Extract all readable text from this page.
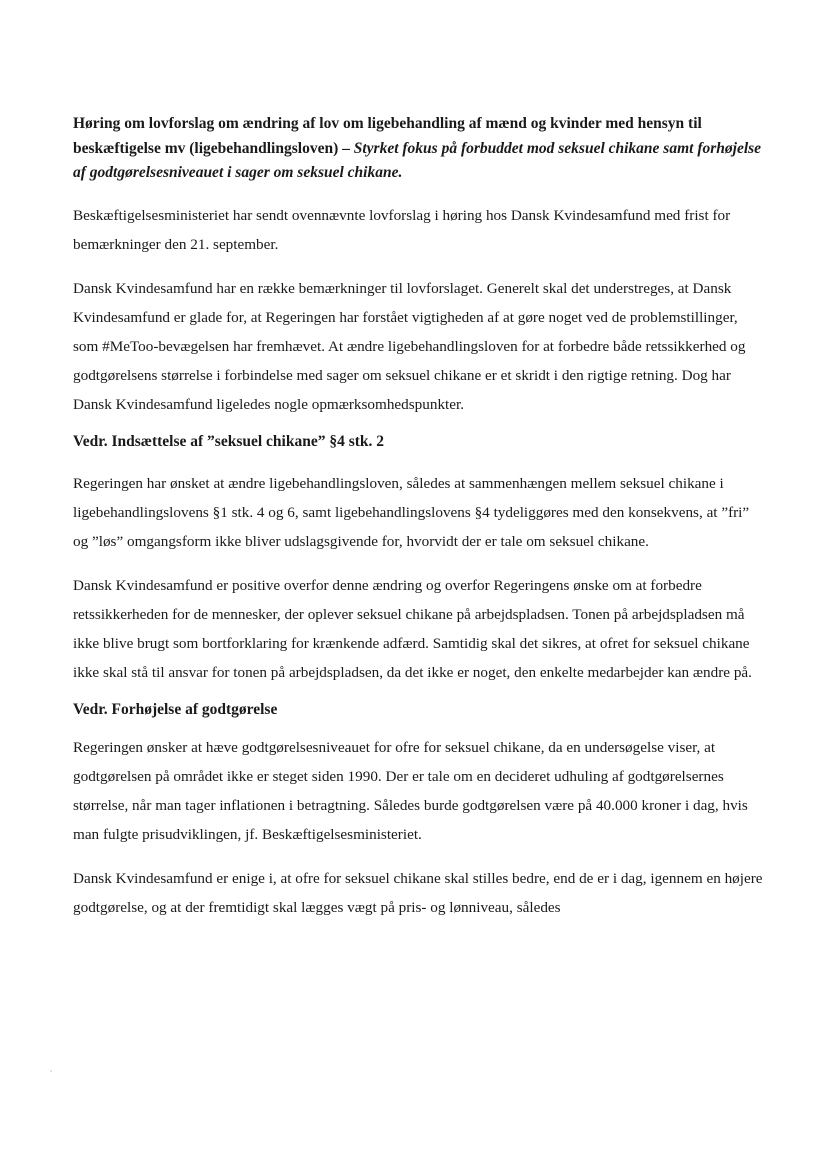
Høring om lovforslag om ændring af lov om ligebehandling af mænd og kvinder med hensyn til beskæftigelse mv (ligebehandlingsloven) – Styrket fokus på forbuddet mod seksuel chikane samt forhøjelse af godtgørelsesniveauet i sager om seksuel chikane.

Beskæftigelsesministeriet har sendt ovennævnte lovforslag i høring hos Dansk Kvindesamfund med frist for bemærkninger den 21. september.

Dansk Kvindesamfund har en række bemærkninger til lovforslaget. Generelt skal det understreges, at Dansk Kvindesamfund er glade for, at Regeringen har forstået vigtigheden af at gøre noget ved de problemstillinger, som #MeToo-bevægelsen har fremhævet. At ændre ligebehandlingsloven for at forbedre både retssikkerhed og godtgørelsens størrelse i forbindelse med sager om seksuel chikane er et skridt i den rigtige retning. Dog har Dansk Kvindesamfund ligeledes nogle opmærksomhedspunkter.

Vedr. Indsættelse af ”seksuel chikane” §4 stk. 2

Regeringen har ønsket at ændre ligebehandlingsloven, således at sammenhængen mellem seksuel chikane i ligebehandlingslovens §1 stk. 4 og 6, samt ligebehandlingslovens §4 tydeliggøres med den konsekvens, at ”fri” og ”løs” omgangsform ikke bliver udslagsgivende for, hvorvidt der er tale om seksuel chikane.

Dansk Kvindesamfund er positive overfor denne ændring og overfor Regeringens ønske om at forbedre retssikkerheden for de mennesker, der oplever seksuel chikane på arbejdspladsen. Tonen på arbejdspladsen må ikke blive brugt som bortforklaring for krænkende adfærd. Samtidig skal det sikres, at ofret for seksuel chikane ikke skal stå til ansvar for tonen på arbejdspladsen, da det ikke er noget, den enkelte medarbejder kan ændre på.

Vedr. Forhøjelse af godtgørelse

Regeringen ønsker at hæve godtgørelsesniveauet for ofre for seksuel chikane, da en undersøgelse viser, at godtgørelsen på området ikke er steget siden 1990. Der er tale om en decideret udhuling af godtgørelsernes størrelse, når man tager inflationen i betragtning. Således burde godtgørelsen være på 40.000 kroner i dag, hvis man fulgte prisudviklingen, jf. Beskæftigelsesministeriet.

Dansk Kvindesamfund er enige i, at ofre for seksuel chikane skal stilles bedre, end de er i dag, igennem en højere godtgørelse, og at der fremtidigt skal lægges vægt på pris- og lønniveau, således
